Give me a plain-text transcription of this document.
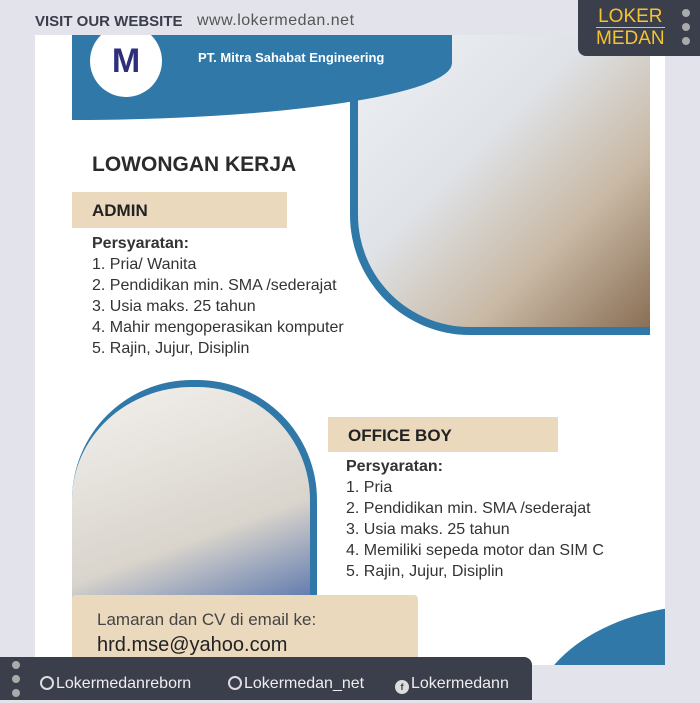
VISIT OUR WEBSITE www.lokermedan.net	LOKER
MEDAN
M	PT. Mitra Sahabat Engineering
LOWONGAN KERJA
ADMIN
Persyaratan:
1. Pria/ Wanita
2. Pendidikan min. SMA /sederajat
3. Usia maks. 25 tahun
4. Mahir mengoperasikan komputer
5. Rajin, Jujur, Disiplin
OFFICE BOY
Persyaratan:
1. Pria
2. Pendidikan min. SMA /sederajat
3. Usia maks. 25 tahun
4. Memiliki sepeda motor dan SIM C
5. Rajin, Jujur, Disiplin
Lamaran dan CV di email ke:
hrd.mse@yahoo.com
Lokermedanreborn	Lokermedan_net	f Lokermedann
